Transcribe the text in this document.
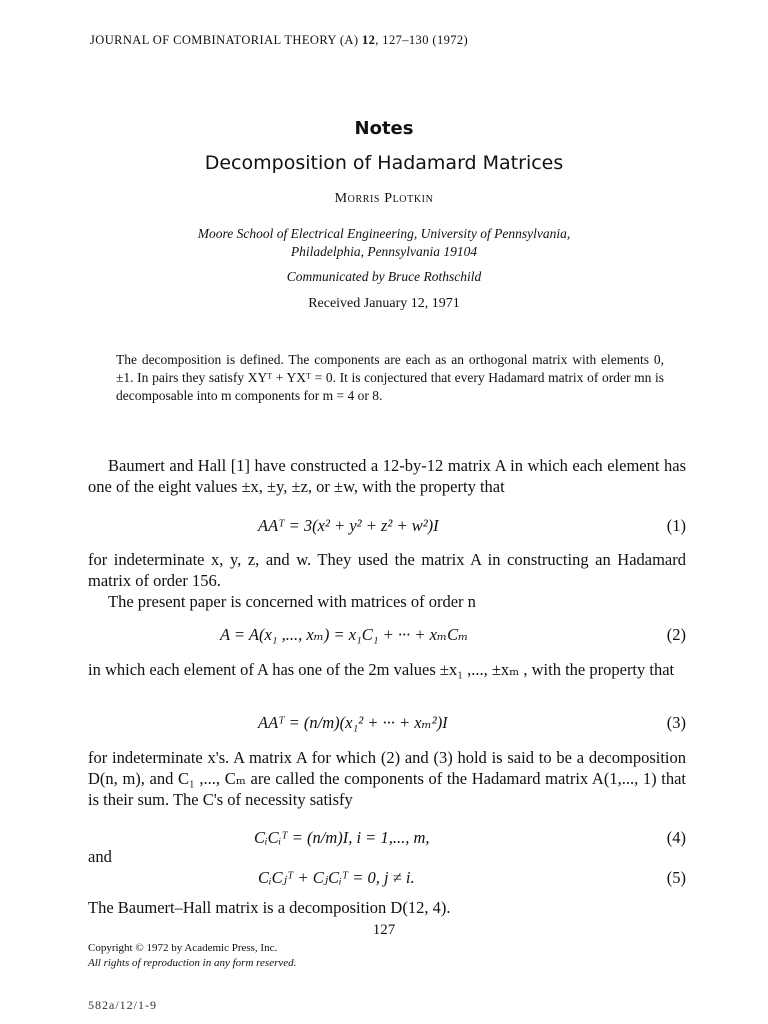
JOURNAL OF COMBINATORIAL THEORY (A) 12, 127–130 (1972)
Notes
Decomposition of Hadamard Matrices
Morris Plotkin
Moore School of Electrical Engineering, University of Pennsylvania,
Philadelphia, Pennsylvania 19104
Communicated by Bruce Rothschild
Received January 12, 1971
The decomposition is defined. The components are each as an orthogonal matrix with elements 0, ±1. In pairs they satisfy XYᵀ + YXᵀ = 0. It is conjectured that every Hadamard matrix of order mn is decomposable into m components for m = 4 or 8.
Baumert and Hall [1] have constructed a 12-by-12 matrix A in which each element has one of the eight values ±x, ±y, ±z, or ±w, with the property that
AAᵀ = 3(x² + y² + z² + w²)I	(1)
for indeterminate x, y, z, and w. They used the matrix A in constructing an Hadamard matrix of order 156.
The present paper is concerned with matrices of order n
A = A(x₁ ,..., xₘ) = x₁C₁ + ··· + xₘCₘ	(2)
in which each element of A has one of the 2m values ±x₁ ,..., ±xₘ , with the property that
AAᵀ = (n/m)(x₁² + ··· + xₘ²)I	(3)
for indeterminate x's. A matrix A for which (2) and (3) hold is said to be a decomposition D(n, m), and C₁ ,..., Cₘ are called the components of the Hadamard matrix A(1,..., 1) that is their sum. The C's of necessity satisfy
CᵢCᵢᵀ = (n/m)I, i = 1,..., m,	(4)
and
CᵢCⱼᵀ + CⱼCᵢᵀ = 0, j ≠ i.	(5)
The Baumert–Hall matrix is a decomposition D(12, 4).
127
Copyright © 1972 by Academic Press, Inc.
All rights of reproduction in any form reserved.
582a/12/1-9
